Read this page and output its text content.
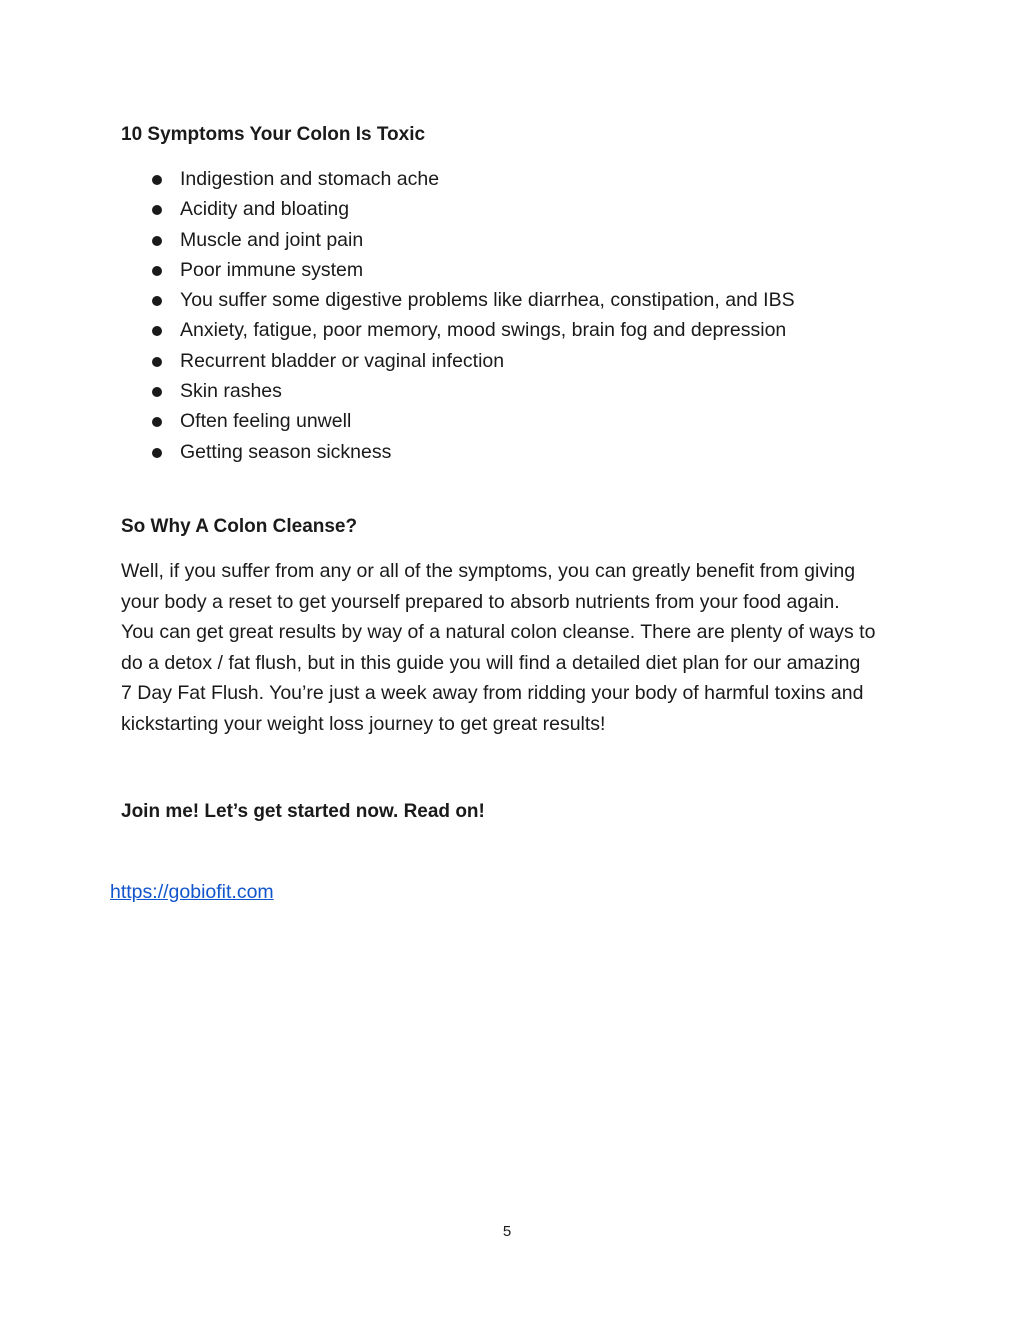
10 Symptoms Your Colon Is Toxic
Indigestion and stomach ache
Acidity and bloating
Muscle and joint pain
Poor immune system
You suffer some digestive problems like diarrhea, constipation, and IBS
Anxiety, fatigue, poor memory, mood swings, brain fog and depression
Recurrent bladder or vaginal infection
Skin rashes
Often feeling unwell
Getting season sickness
So Why A Colon Cleanse?

Well, if you suffer from any or all of the symptoms, you can greatly benefit from giving
your body a reset to get yourself prepared to absorb nutrients from your food again.
You can get great results by way of a natural colon cleanse. There are plenty of ways to
do a detox / fat flush, but in this guide you will find a detailed diet plan for our amazing
7 Day Fat Flush. You’re just a week away from ridding your body of harmful toxins and
kickstarting your weight loss journey to get great results!

Join me! Let’s get started now. Read on!
https://gobiofit.com
5
